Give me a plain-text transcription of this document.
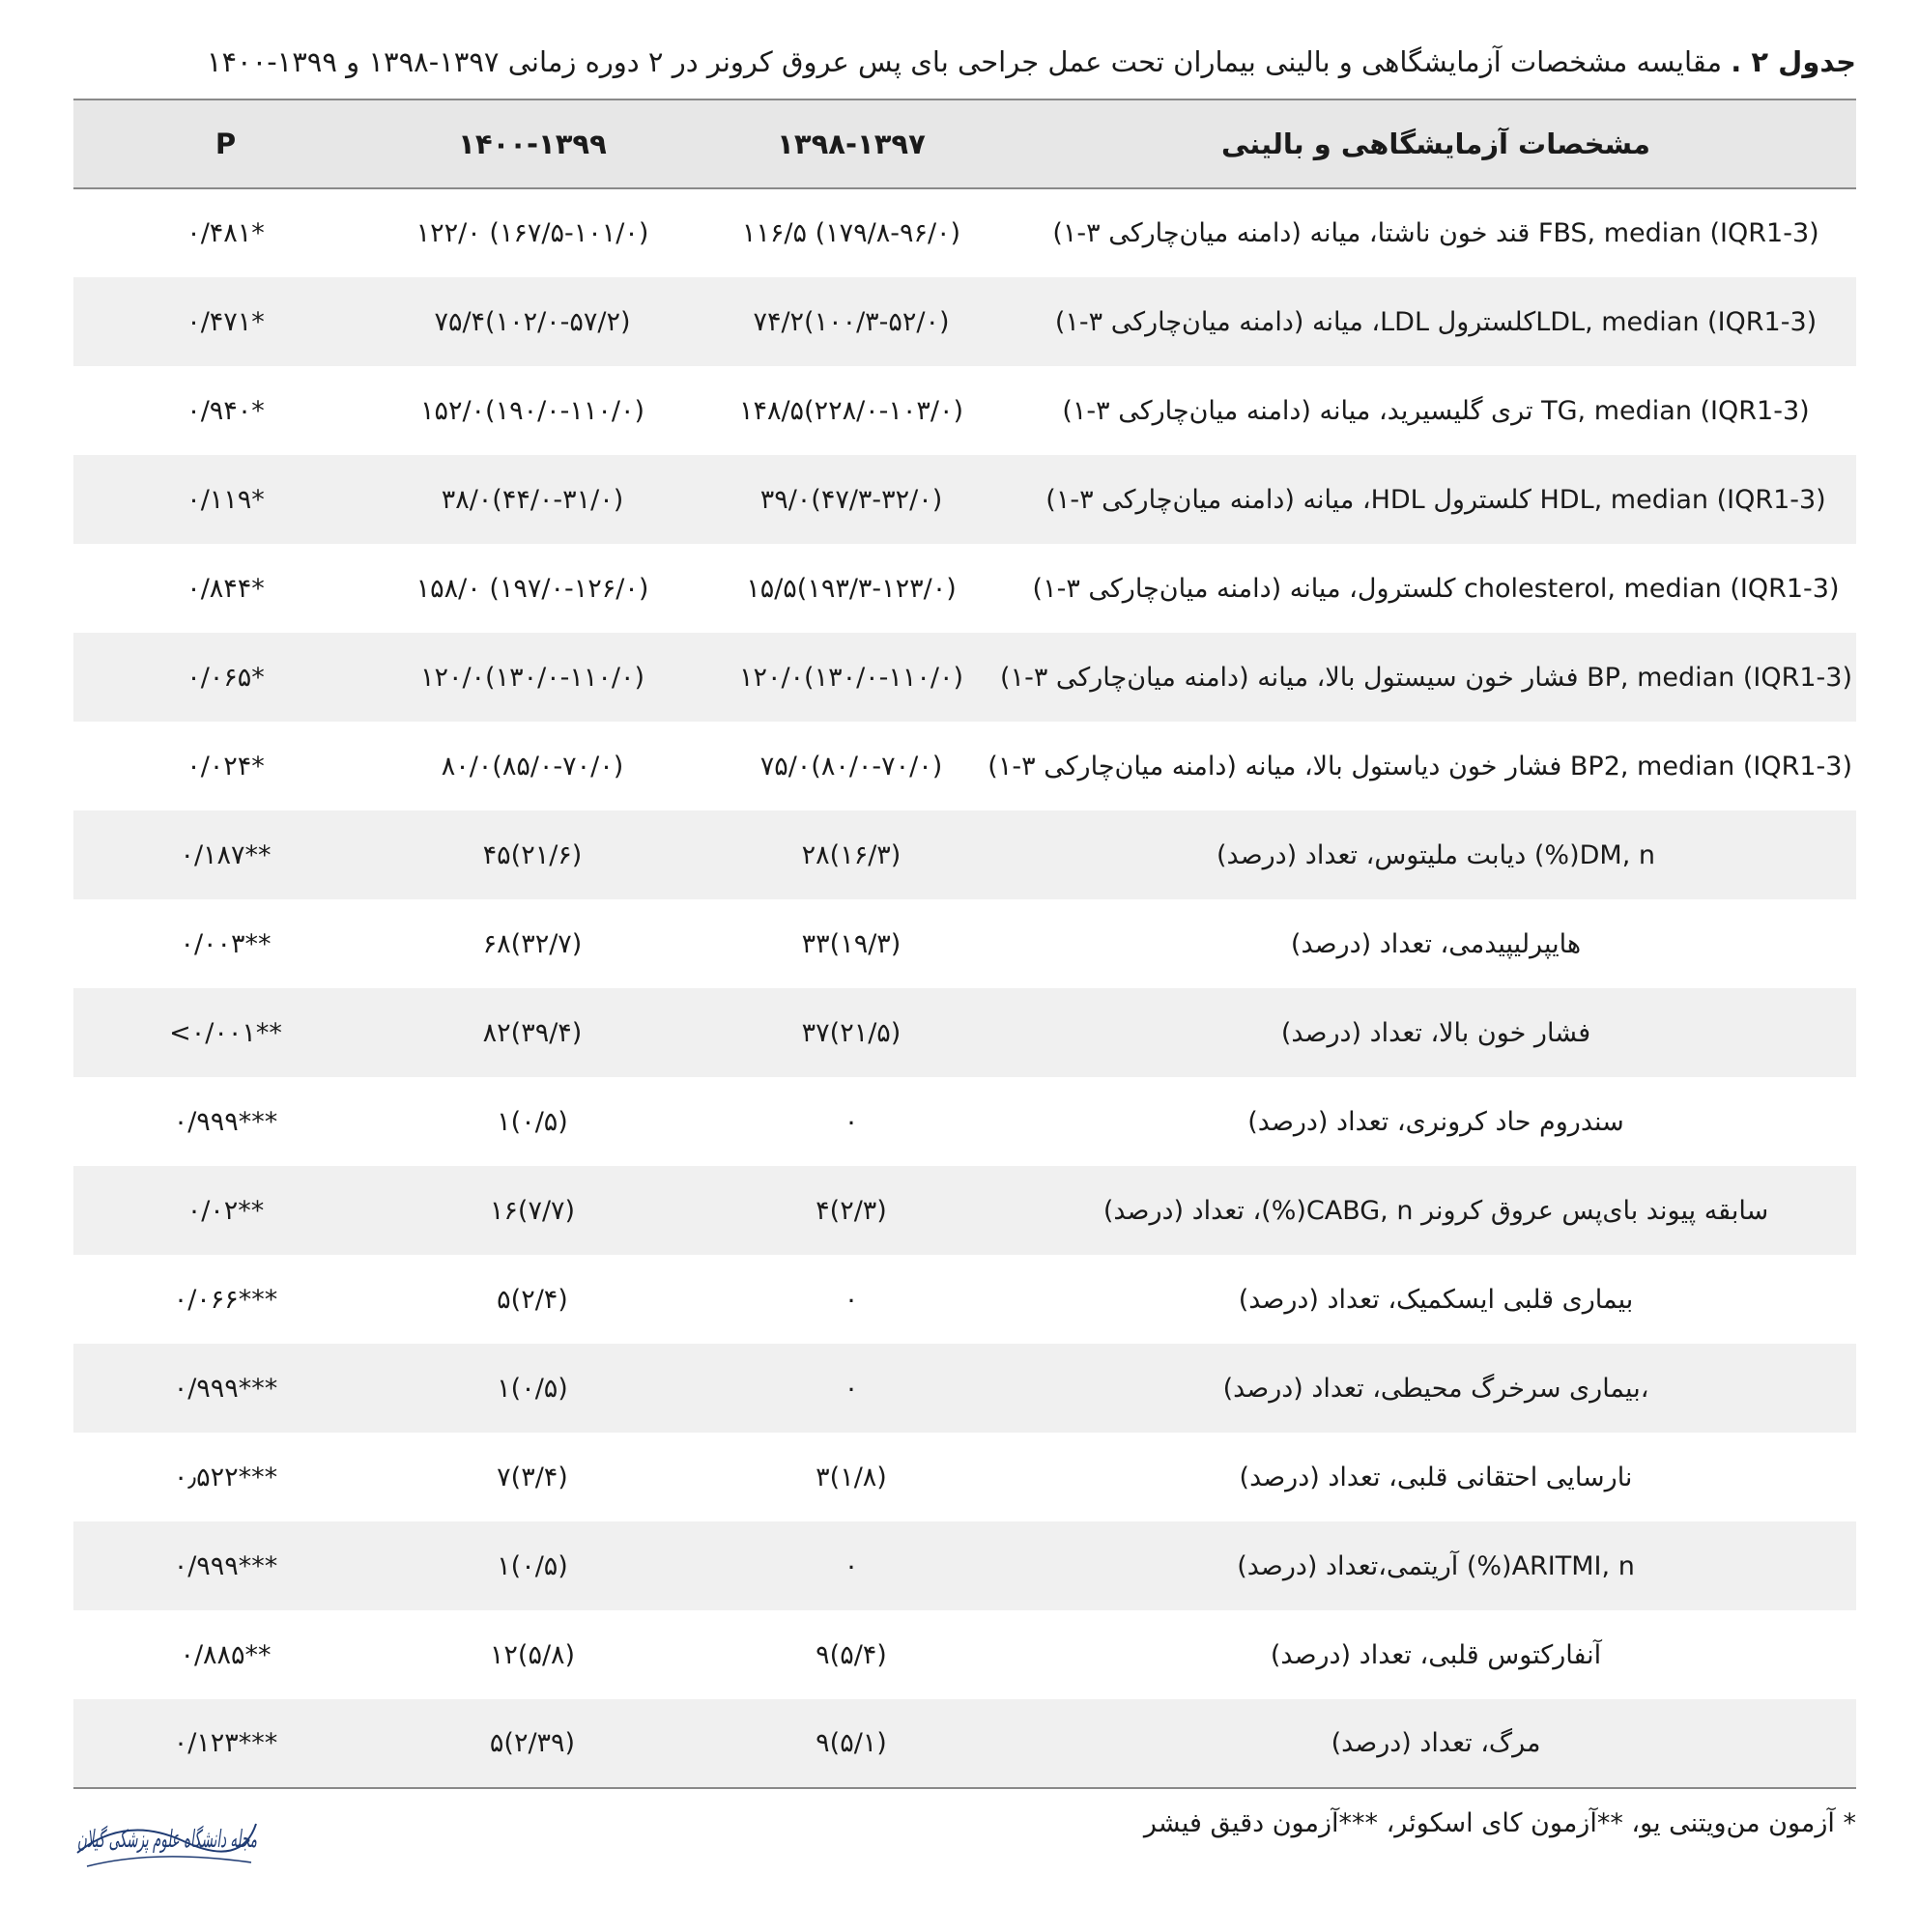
جدول ۲ . مقایسه مشخصات آزمایشگاهی و بالینی بیماران تحت عمل جراحی بای پس عروق کرونر در ۲ دوره زمانی ۱۳۹۷-۱۳۹۸ و ۱۳۹۹-۱۴۰۰
مشخصات آزمایشگاهی و بالینی	۱۳۹۸-۱۳۹۷	۱۴۰۰-۱۳۹۹	P
FBS, median (IQR1-3) قند خون ناشتا، میانه (دامنه میان‌چارکی ۳-۱)	۱۱۶/۵ (۱۷۹/۸-۹۶/۰)	۱۲۲/۰ (۱۶۷/۵-۱۰۱/۰)	۰/۴۸۱*
LDL, median (IQR1-3)کلسترول LDL، میانه (دامنه میان‌چارکی ۳-۱)	۷۴/۲(۱۰۰/۳-۵۲/۰)	۷۵/۴(۱۰۲/۰-۵۷/۲)	۰/۴۷۱*
TG, median (IQR1-3) تری گلیسیرید، میانه (دامنه میان‌چارکی ۳-۱)	۱۴۸/۵(۲۲۸/۰-۱۰۳/۰)	۱۵۲/۰(۱۹۰/۰-۱۱۰/۰)	۰/۹۴۰*
HDL, median (IQR1-3) کلسترول HDL، میانه (دامنه میان‌چارکی ۳-۱)	۳۹/۰(۴۷/۳-۳۲/۰)	۳۸/۰(۴۴/۰-۳۱/۰)	۰/۱۱۹*
cholesterol, median (IQR1-3) کلسترول، میانه (دامنه میان‌چارکی ۳-۱)	۱۵/۵(۱۹۳/۳-۱۲۳/۰)	۱۵۸/۰ (۱۹۷/۰-۱۲۶/۰)	۰/۸۴۴*
BP, median (IQR1-3) فشار خون سیستول بالا، میانه (دامنه میان‌چارکی ۳-۱)	۱۲۰/۰(۱۳۰/۰-۱۱۰/۰)	۱۲۰/۰(۱۳۰/۰-۱۱۰/۰)	۰/۰۶۵*
BP2, median (IQR1-3) فشار خون دیاستول بالا، میانه (دامنه میان‌چارکی ۳-۱)	۷۵/۰(۸۰/۰-۷۰/۰)	۸۰/۰(۸۵/۰-۷۰/۰)	۰/۰۲۴*
DM, n(%) دیابت ملیتوس، تعداد (درصد)	۲۸(۱۶/۳)	۴۵(۲۱/۶)	۰/۱۸۷**
هایپرلیپیدمی، تعداد (درصد)	۳۳(۱۹/۳)	۶۸(۳۲/۷)	۰/۰۰۳**
فشار خون بالا، تعداد (درصد)	۳۷(۲۱/۵)	۸۲(۳۹/۴)	<۰/۰۰۱**
سندروم حاد کرونری، تعداد (درصد)	۰	۱(۰/۵)	۰/۹۹۹***
سابقه پیوند بای‌پس عروق کرونر CABG, n(%)، تعداد (درصد)	۴(۲/۳)	۱۶(۷/۷)	۰/۰۲**
بیماری قلبی ایسکمیک، تعداد (درصد)	۰	۵(۲/۴)	۰/۰۶۶***
،بیماری سرخرگ محیطی، تعداد (درصد)	۰	۱(۰/۵)	۰/۹۹۹***
نارسایی احتقانی قلبی، تعداد (درصد)	۳(۱/۸)	۷(۳/۴)	۰٫۵۲۲***
ARITMI, n(%) آریتمی،تعداد (درصد)	۰	۱(۰/۵)	۰/۹۹۹***
آنفارکتوس قلبی، تعداد (درصد)	۹(۵/۴)	۱۲(۵/۸)	۰/۸۸۵**
مرگ، تعداد (درصد)	۹(۵/۱)	۵(۲/۳۹)	۰/۱۲۳***
* آزمون من‌ویتنی یو، **آزمون کای اسکوئر، ***آزمون دقیق فیشر
مجله دانشگاه علوم پزشکی گیلان
